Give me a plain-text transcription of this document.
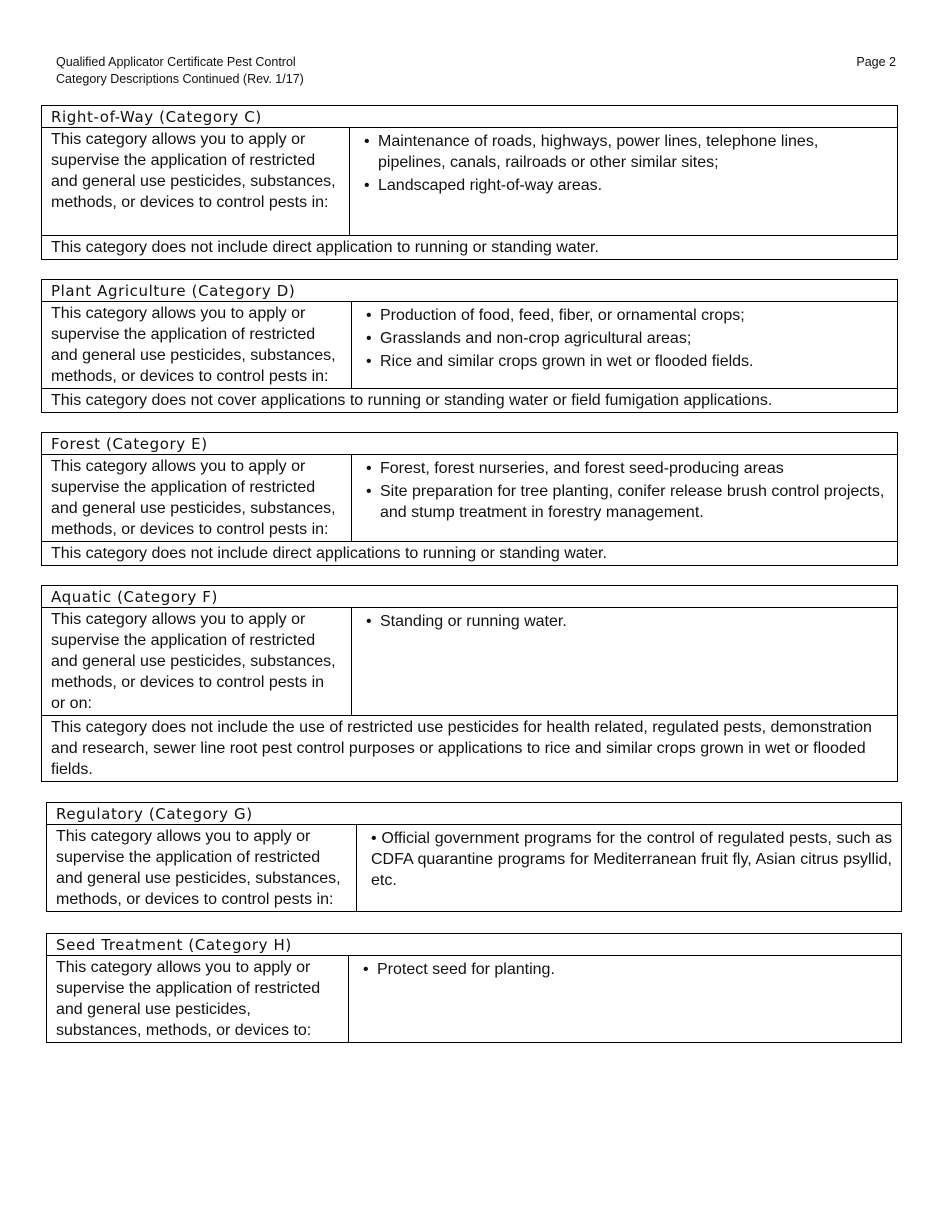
Qualified Applicator Certificate Pest Control
Category Descriptions Continued (Rev. 1/17)
Page 2
Right-of-Way (Category C)
This category allows you to apply or supervise the application of restricted and general use pesticides, substances, methods, or devices to control pests in:	
• Maintenance of roads, highways, power lines, telephone lines, pipelines, canals, railroads or other similar sites;
• Landscaped right-of-way areas.

This category does not include direct application to running or standing water.
Plant Agriculture (Category D)
This category allows you to apply or supervise the application of restricted and general use pesticides, substances, methods, or devices to control pests in:	
• Production of food, feed, fiber, or ornamental crops;
• Grasslands and non-crop agricultural areas;
• Rice and similar crops grown in wet or flooded fields.

This category does not cover applications to running or standing water or field fumigation applications.
Forest (Category E)
This category allows you to apply or supervise the application of restricted and general use pesticides, substances, methods, or devices to control pests in:	
• Forest, forest nurseries, and forest seed-producing areas
• Site preparation for tree planting, conifer release brush control projects, and stump treatment in forestry management.

This category does not include direct applications to running or standing water.
Aquatic (Category F)
This category allows you to apply or supervise the application of restricted and general use pesticides, substances, methods, or devices to control pests in or on:	
• Standing or running water.

This category does not include the use of restricted use pesticides for health related, regulated pests, demonstration and research, sewer line root pest control purposes or applications to rice and similar crops grown in wet or flooded fields.
Regulatory (Category G)
This category allows you to apply or supervise the application of restricted and general use pesticides, substances, methods, or devices to control pests in:	
• Official government programs for the control of regulated pests, such as CDFA quarantine programs for Mediterranean fruit fly, Asian citrus psyllid, etc.
Seed Treatment (Category H)
This category allows you to apply or supervise the application of restricted and general use pesticides, substances, methods, or devices to:	
• Protect seed for planting.
